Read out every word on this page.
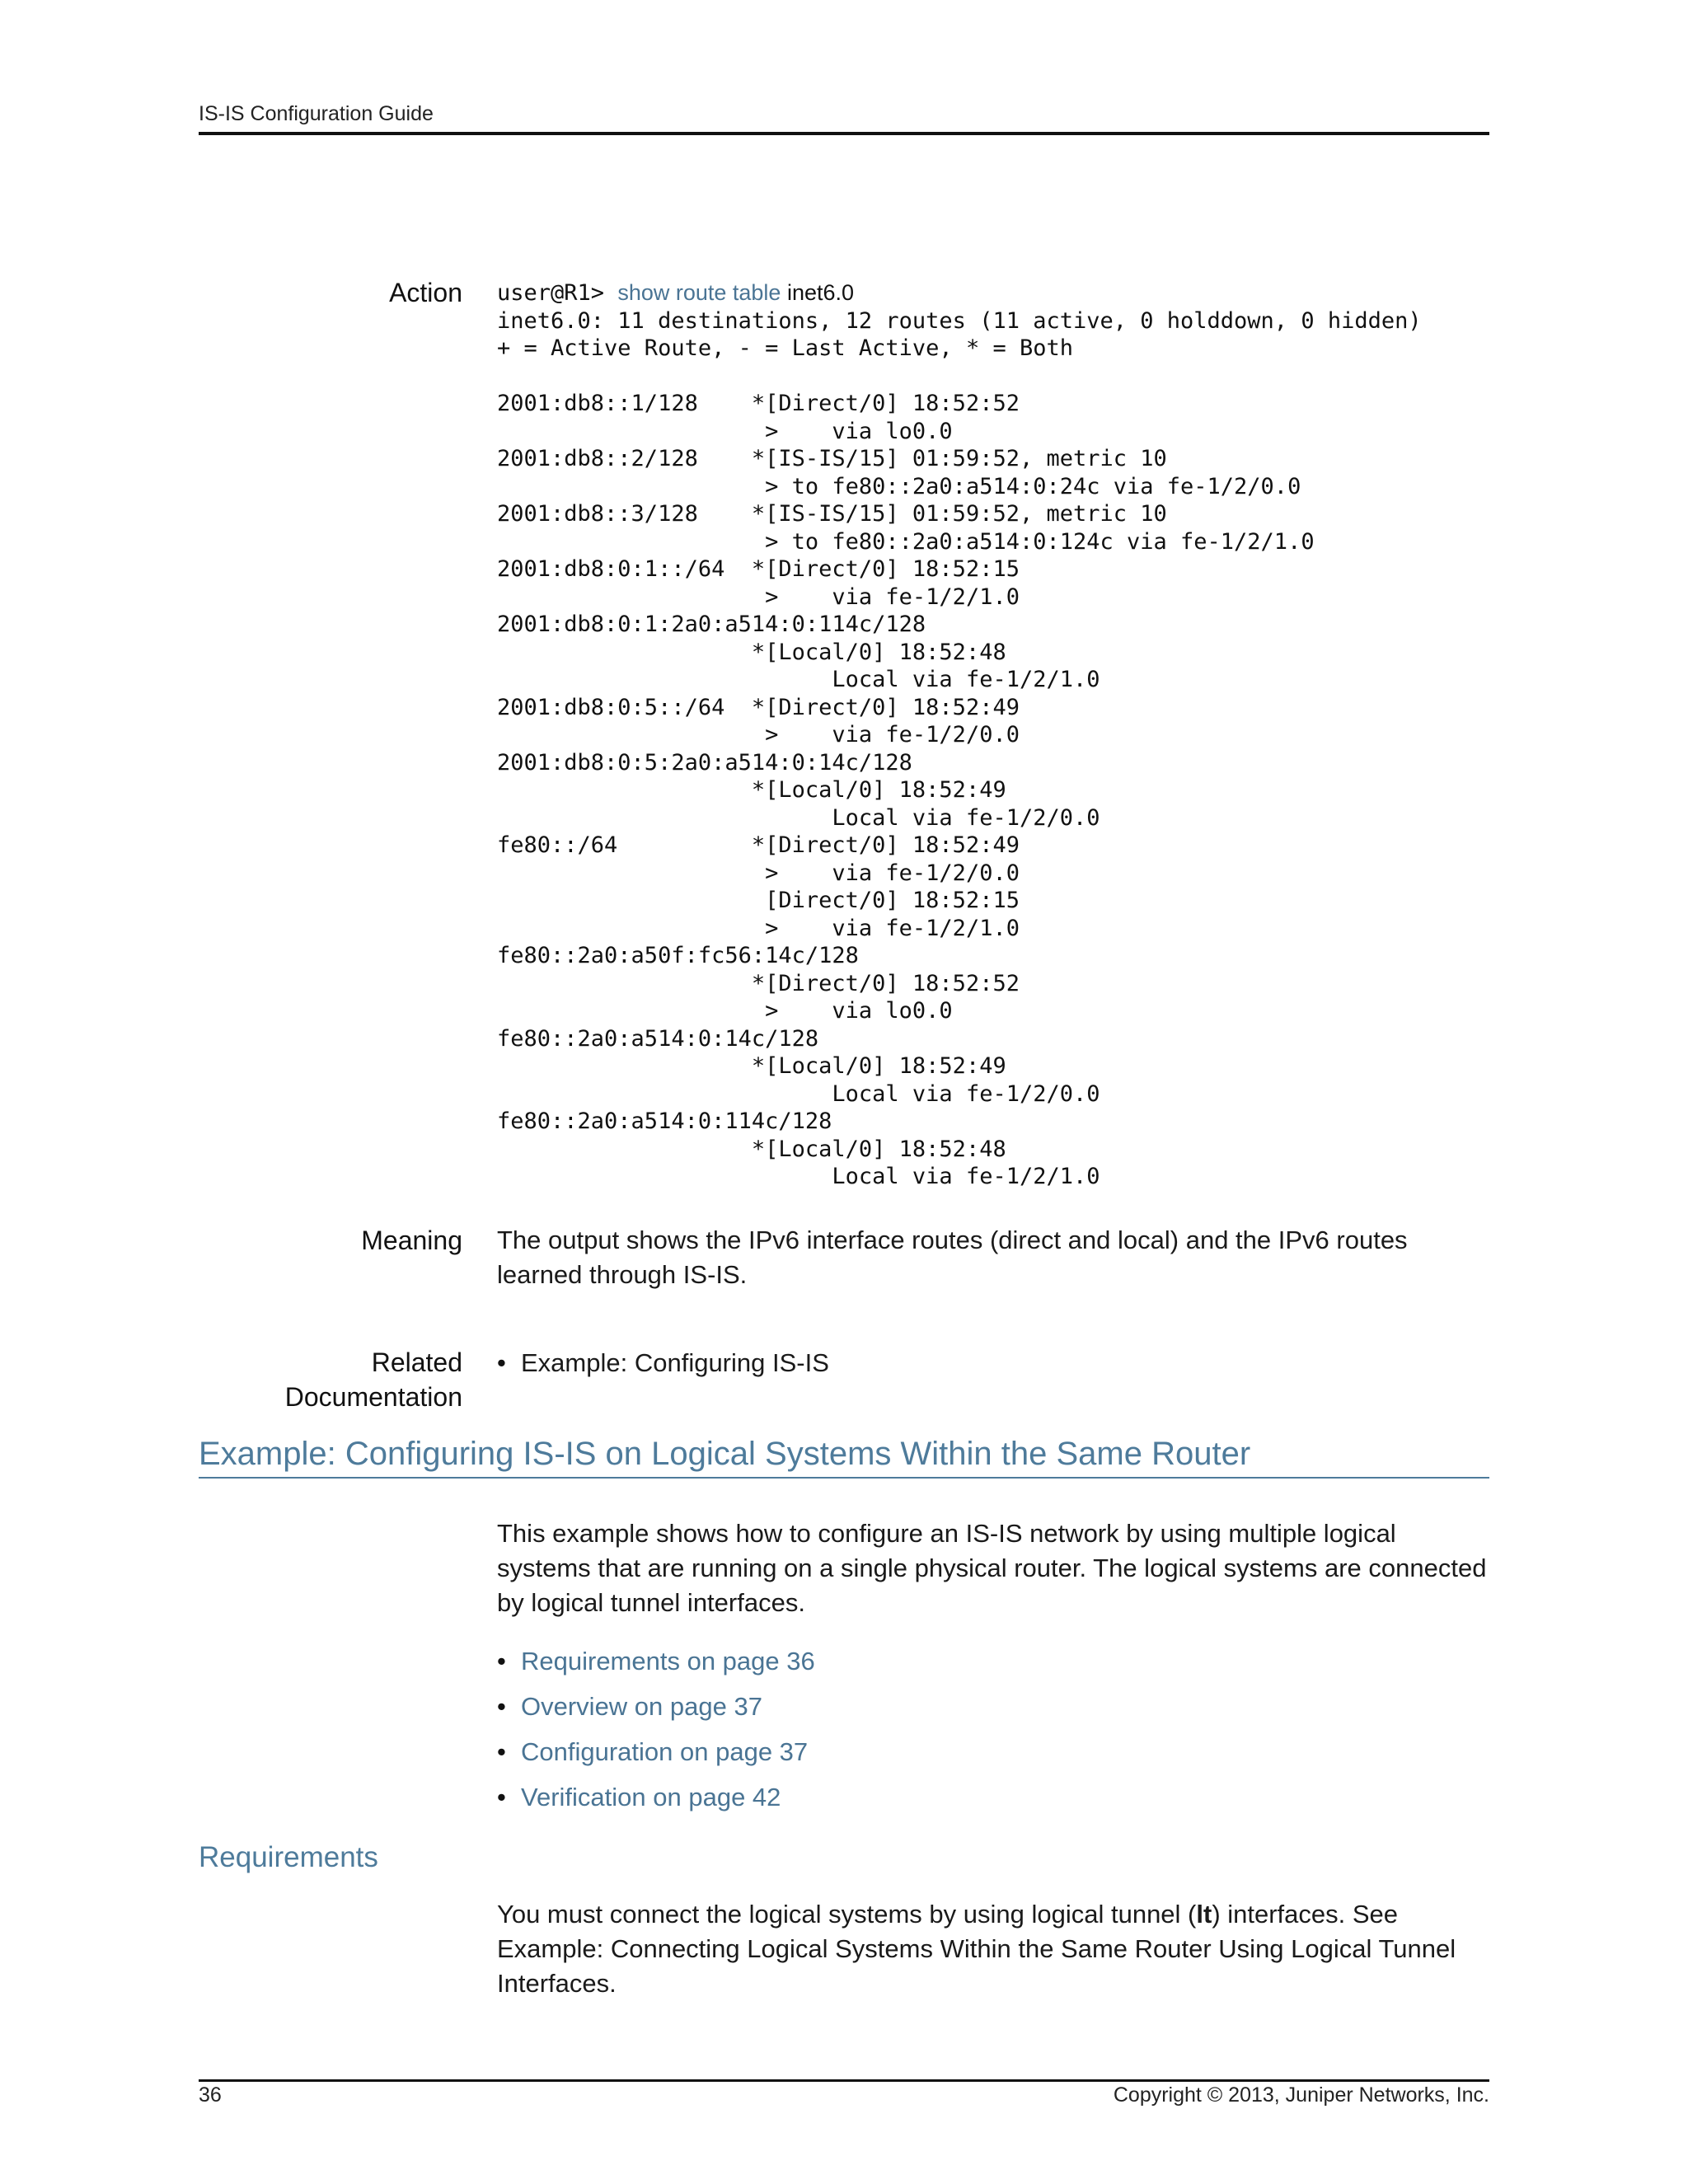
IS-IS Configuration Guide
Action user@R1> show route table inet6.0
inet6.0: 11 destinations, 12 routes (11 active, 0 holddown, 0 hidden)
+ = Active Route, - = Last Active, * = Both

2001:db8::1/128    *[Direct/0] 18:52:52
>    via lo0.0
2001:db8::2/128    *[IS-IS/15] 01:59:52, metric 10
> to fe80::2a0:a514:0:24c via fe-1/2/0.0
2001:db8::3/128    *[IS-IS/15] 01:59:52, metric 10
> to fe80::2a0:a514:0:124c via fe-1/2/1.0
2001:db8:0:1::/64  *[Direct/0] 18:52:15
>    via fe-1/2/1.0
2001:db8:0:1:2a0:a514:0:114c/128
*[Local/0] 18:52:48
Local via fe-1/2/1.0
2001:db8:0:5::/64  *[Direct/0] 18:52:49
>    via fe-1/2/0.0
2001:db8:0:5:2a0:a514:0:14c/128
*[Local/0] 18:52:49
Local via fe-1/2/0.0
fe80::/64          *[Direct/0] 18:52:49
>    via fe-1/2/0.0
[Direct/0] 18:52:15
>    via fe-1/2/1.0
fe80::2a0:a50f:fc56:14c/128
*[Direct/0] 18:52:52
>    via lo0.0
fe80::2a0:a514:0:14c/128
*[Local/0] 18:52:49
Local via fe-1/2/0.0
fe80::2a0:a514:0:114c/128
*[Local/0] 18:52:48
Local via fe-1/2/1.0
Meaning The output shows the IPv6 interface routes (direct and local) and the IPv6 routes learned through IS-IS.
Related
Documentation
• Example: Configuring IS-IS
Example: Configuring IS-IS on Logical Systems Within the Same Router
This example shows how to configure an IS-IS network by using multiple logical systems that are running on a single physical router. The logical systems are connected by logical tunnel interfaces.
• Requirements on page 36
• Overview on page 37
• Configuration on page 37
• Verification on page 42
Requirements
You must connect the logical systems by using logical tunnel (lt) interfaces. See Example: Connecting Logical Systems Within the Same Router Using Logical Tunnel Interfaces.
36	Copyright © 2013, Juniper Networks, Inc.
